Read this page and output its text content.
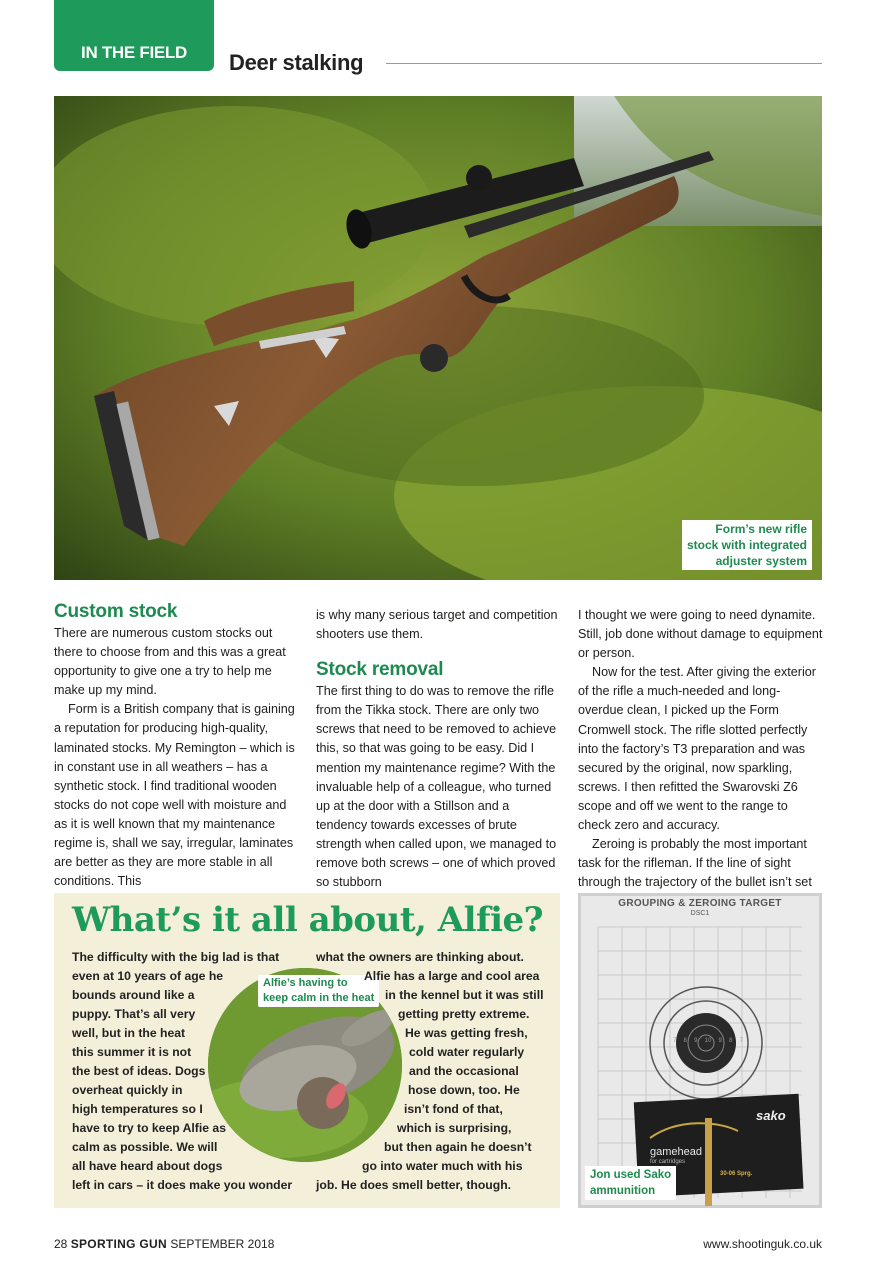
IN THE FIELD	Deer stalking
Form’s new rifle
stock with integrated
adjuster system
Custom stock

There are numerous custom stocks out there to choose from and this was a great opportunity to give one a try to help me make up my mind.

Form is a British company that is gaining a reputation for producing high-quality, laminated stocks. My Remington – which is in constant use in all weathers – has a synthetic stock. I find traditional wooden stocks do not cope well with moisture and as it is well known that my maintenance regime is, shall we say, irregular, laminates are better as they are more stable in all conditions. This

is why many serious target and competition shooters use them.

Stock removal

The first thing to do was to remove the rifle from the Tikka stock. There are only two screws that need to be removed to achieve this, so that was going to be easy. Did I mention my maintenance regime? With the invaluable help of a colleague, who turned up at the door with a Stillson and a tendency towards excesses of brute strength when called upon, we managed to remove both screws – one of which proved so stubborn

I thought we were going to need dynamite. Still, job done without damage to equipment or person.

Now for the test. After giving the exterior of the rifle a much-needed and long-overdue clean, I picked up the Form Cromwell stock. The rifle slotted perfectly into the factory’s T3 preparation and was secured by the original, now sparkling, screws. I then refitted the Swarovski Z6 scope and off we went to the range to check zero and accuracy.

Zeroing is probably the most important task for the rifleman. If the line of sight through the trajectory of the bullet isn’t set

What’s it all about, Alfie?
The difficulty with the big lad is that
even at 10 years of age he
bounds around like a
puppy. That’s all very
well, but in the heat
this summer it is not
the best of ideas. Dogs
overheat quickly in
high temperatures so I
have to try to keep Alfie as
calm as possible. We will
all have heard about dogs
left in cars – it does make you wonder
Alfie’s having to
keep calm in the heat
what the owners are thinking about.
Alfie has a large and cool area
in the kennel but it was still
getting pretty extreme.
He was getting fresh,
cold water regularly
and the occasional
hose down, too. He
isn’t fond of that,
which is surprising,
but then again he doesn’t
go into water much with his
job. He does smell better, though.
GROUPING & ZEROING TARGET
DSC1
7 8 9 10 9 8 7
sako
gamehead
for cartridges
30-06 Sprg.
Jon used Sako
ammunition
28 SPORTING GUN SEPTEMBER 2018	www.shootinguk.co.uk
